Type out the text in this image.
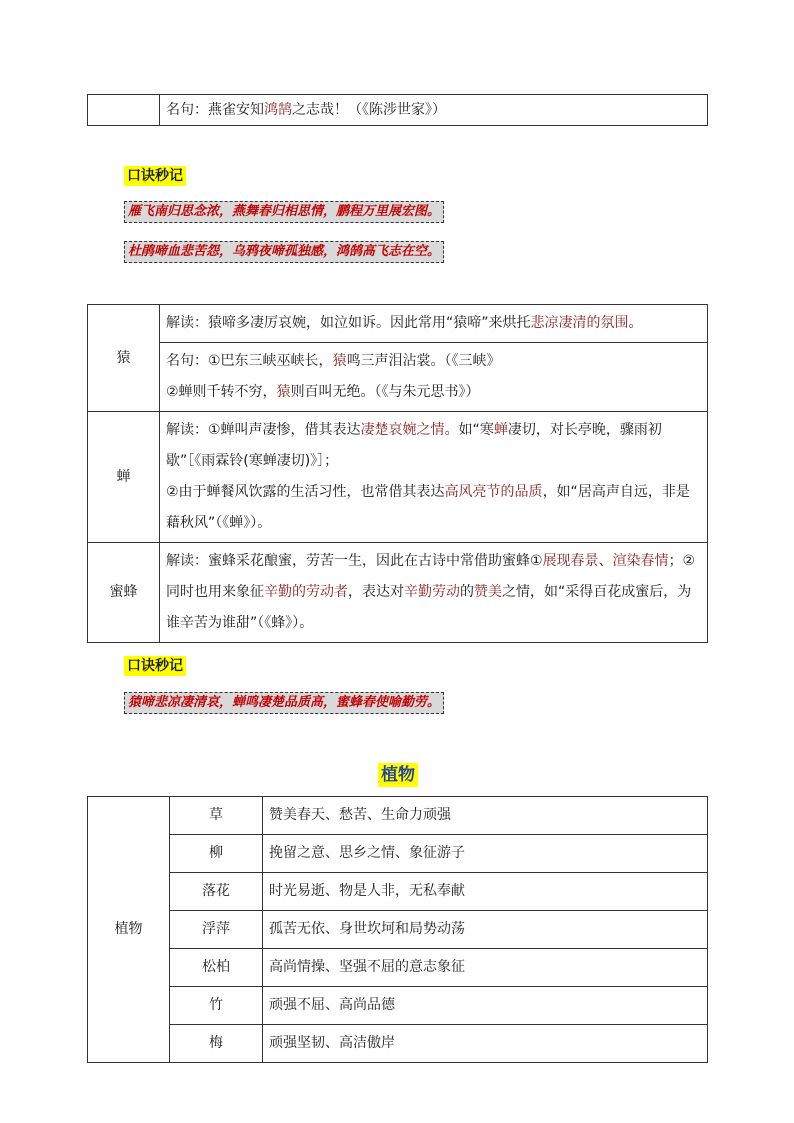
	名句：燕雀安知鸿鹄之志哉！（《陈涉世家》）
口诀秒记
雁飞南归思念浓，燕舞春归相思情，鹏程万里展宏图。
杜鹃啼血悲苦怨，乌鸦夜啼孤独感，鸿鹄高飞志在空。
猿	解读：猿啼多凄厉哀婉，如泣如诉。因此常用“猿啼”来烘托悲凉凄清的氛围。

	名句：①巴东三峡巫峡长，猿鸣三声泪沾裳。（《三峡》
②蝉则千转不穷，猿则百叫无绝。（《与朱元思书》）

蝉	解读：①蝉叫声凄惨，借其表达凄楚哀婉之情。如“寒蝉凄切，对长亭晚，骤雨初歇”［《雨霖铃(寒蝉凄切)》］；
②由于蝉餐风饮露的生活习性，也常借其表达高风亮节的品质，如“居高声自远，非是藉秋风”（《蝉》）。

蜜蜂	解读：蜜蜂采花酿蜜，劳苦一生，因此在古诗中常借助蜜蜂①展现春景、渲染春情；②同时也用来象征辛勤的劳动者，表达对辛勤劳动的赞美之情，如“采得百花成蜜后，为谁辛苦为谁甜”（《蜂》）。
口诀秒记
猿啼悲凉凄清哀，蝉鸣凄楚品质高，蜜蜂春使喻勤劳。
植物
植物	草	赞美春天、愁苦、生命力顽强
	柳	挽留之意、思乡之情、象征游子
	落花	时光易逝、物是人非，无私奉献
	浮萍	孤苦无依、身世坎坷和局势动荡
	松柏	高尚情操、坚强不屈的意志象征
	竹	顽强不屈、高尚品德
	梅	顽强坚韧、高洁傲岸
